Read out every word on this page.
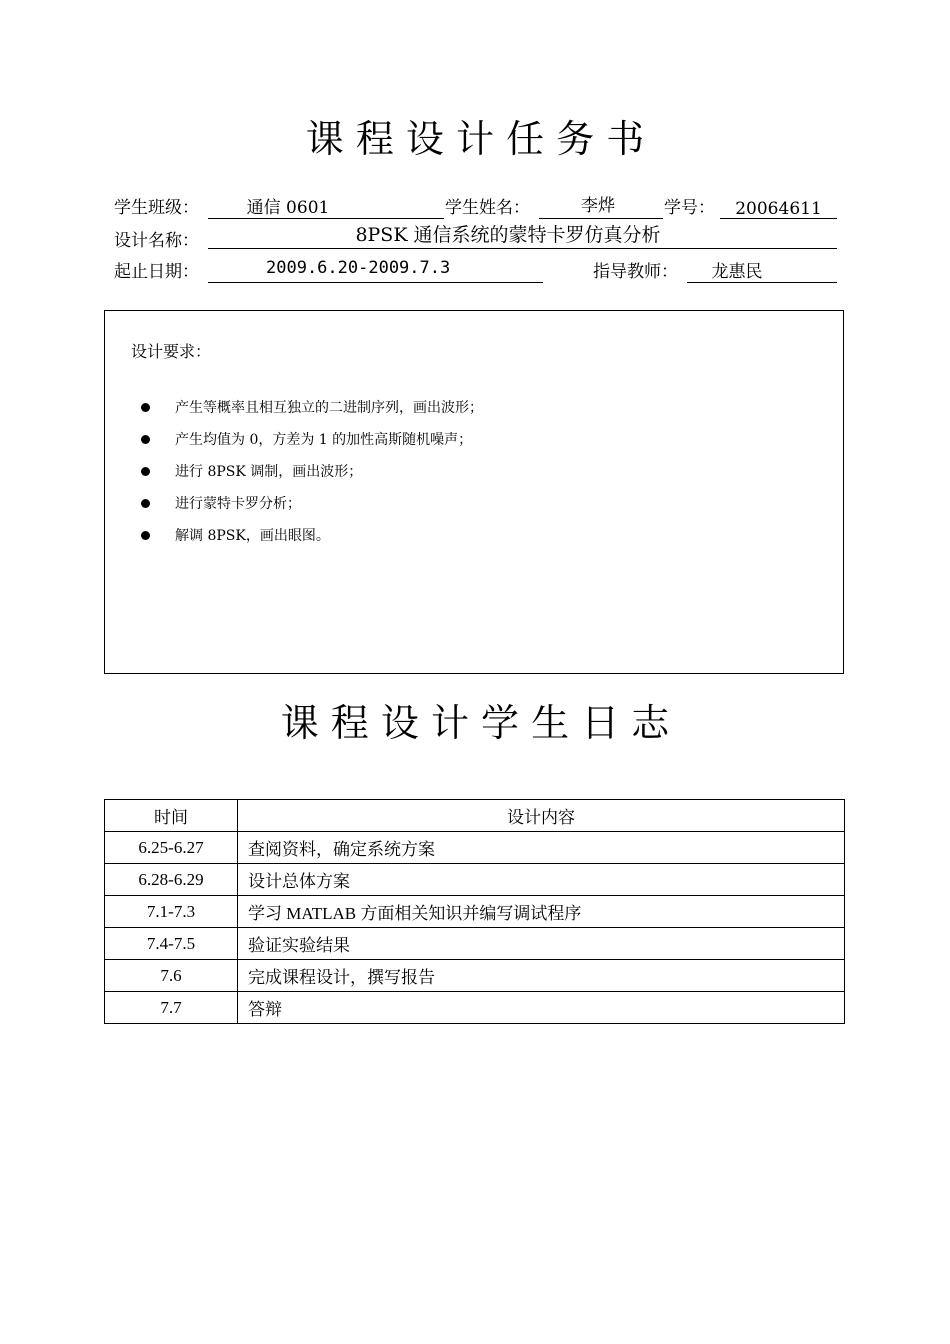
课 程 设 计 任 务 书
学生班级：	通信 0601	学生姓名：	李烨	学号：	20064611
设计名称：	8PSK 通信系统的蒙特卡罗仿真分析
起止日期：	2009.6.20-2009.7.3	指导教师：	龙惠民
设计要求：
产生等概率且相互独立的二进制序列，画出波形；
产生均值为 0，方差为 1 的加性高斯随机噪声；
进行 8PSK 调制，画出波形；
进行蒙特卡罗分析；
解调 8PSK，画出眼图。
课 程 设 计 学 生 日 志
时间	设计内容
6.25-6.27	查阅资料，确定系统方案
6.28-6.29	设计总体方案
7.1-7.3	学习 MATLAB 方面相关知识并编写调试程序
7.4-7.5	验证实验结果
7.6	完成课程设计，撰写报告
7.7	答辩
